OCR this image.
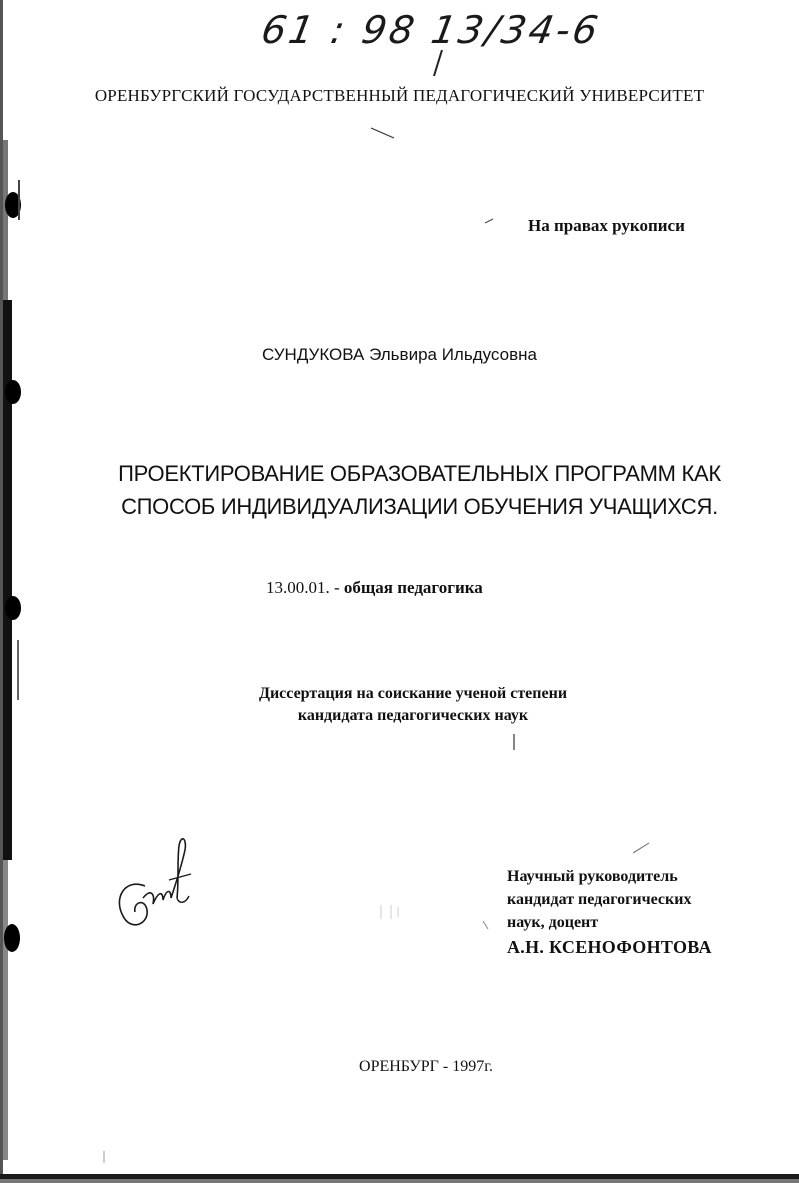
61 : 98 13/34-6
ОРЕНБУРГСКИЙ ГОСУДАРСТВЕННЫЙ ПЕДАГОГИЧЕСКИЙ УНИВЕРСИТЕТ
На правах рукописи
СУНДУКОВА Эльвира Ильдусовна
ПРОЕКТИРОВАНИЕ ОБРАЗОВАТЕЛЬНЫХ ПРОГРАММ КАК
СПОСОБ ИНДИВИДУАЛИЗАЦИИ ОБУЧЕНИЯ УЧАЩИХСЯ.
13.00.01. - общая педагогика
Диссертация на соискание ученой степени
кандидата педагогических наук
Научный руководитель
кандидат педагогических
наук, доцент
А.Н. КСЕНОФОНТОВА
ОРЕНБУРГ - 1997г.
